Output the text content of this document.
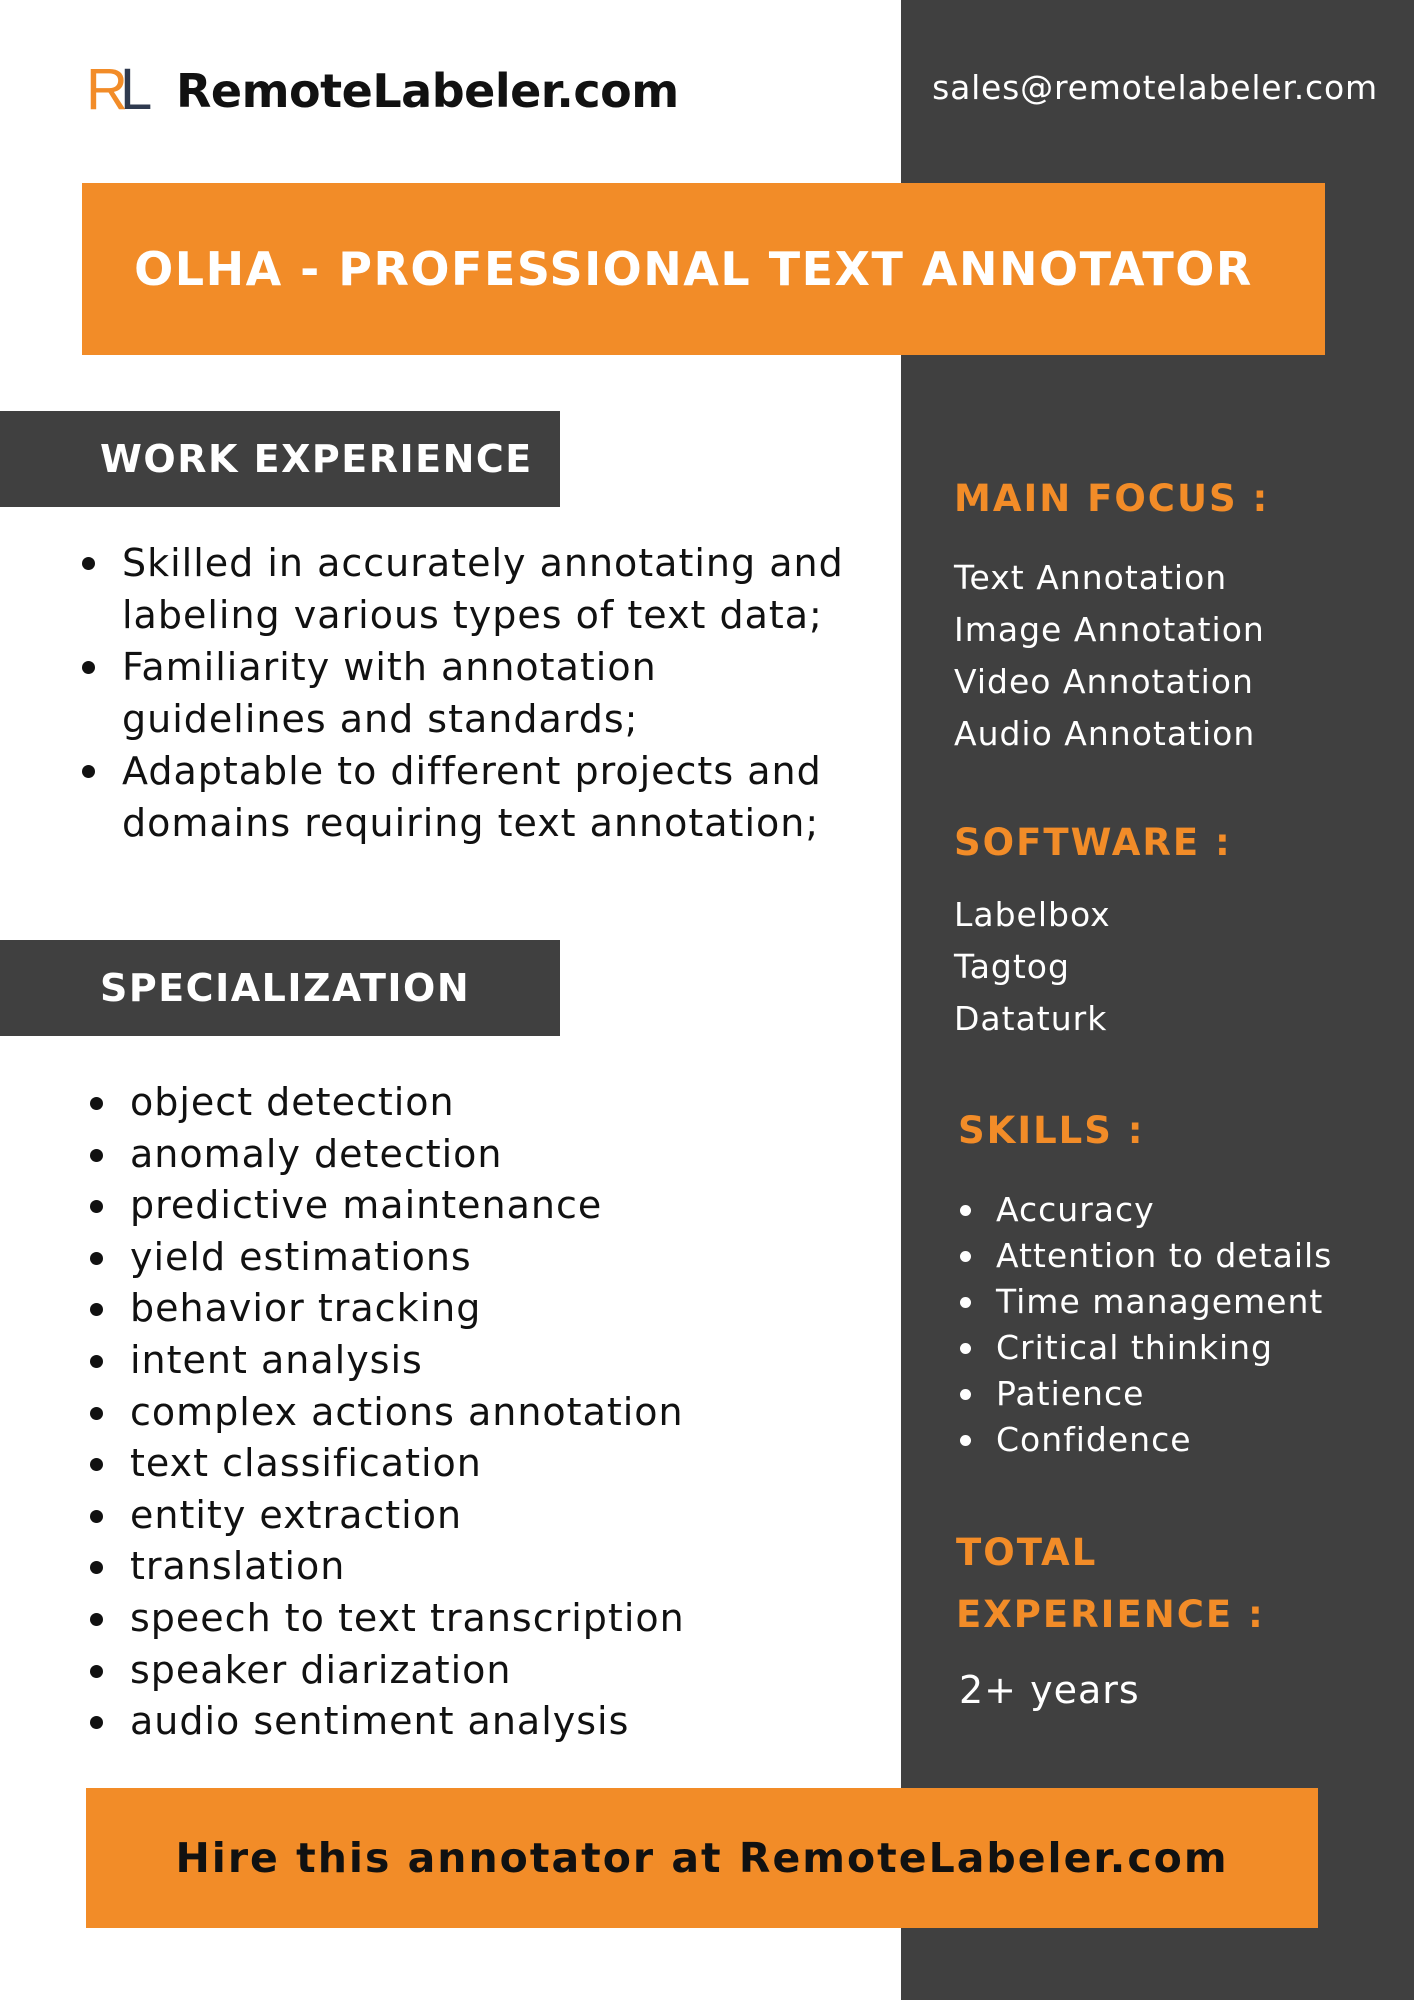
R
L RemoteLabeler.com	sales@remotelabeler.com
OLHA - PROFESSIONAL TEXT ANNOTATOR
WORK EXPERIENCE
Skilled in accurately annotating and labeling various types of text data;
Familiarity with annotation guidelines and standards;
Adaptable to different projects and domains requiring text annotation;
SPECIALIZATION
object detection
anomaly detection
predictive maintenance
yield estimations
behavior tracking
intent analysis
complex actions annotation
text classification
entity extraction
translation
speech to text transcription
speaker diarization
audio sentiment analysis
MAIN FOCUS :
Text Annotation
Image Annotation
Video Annotation
Audio Annotation
SOFTWARE :
Labelbox
Tagtog
Dataturk
SKILLS :
Accuracy
Attention to details
Time management
Critical thinking
Patience
Confidence
TOTAL
EXPERIENCE :
2+ years
Hire this annotator at RemoteLabeler.com
